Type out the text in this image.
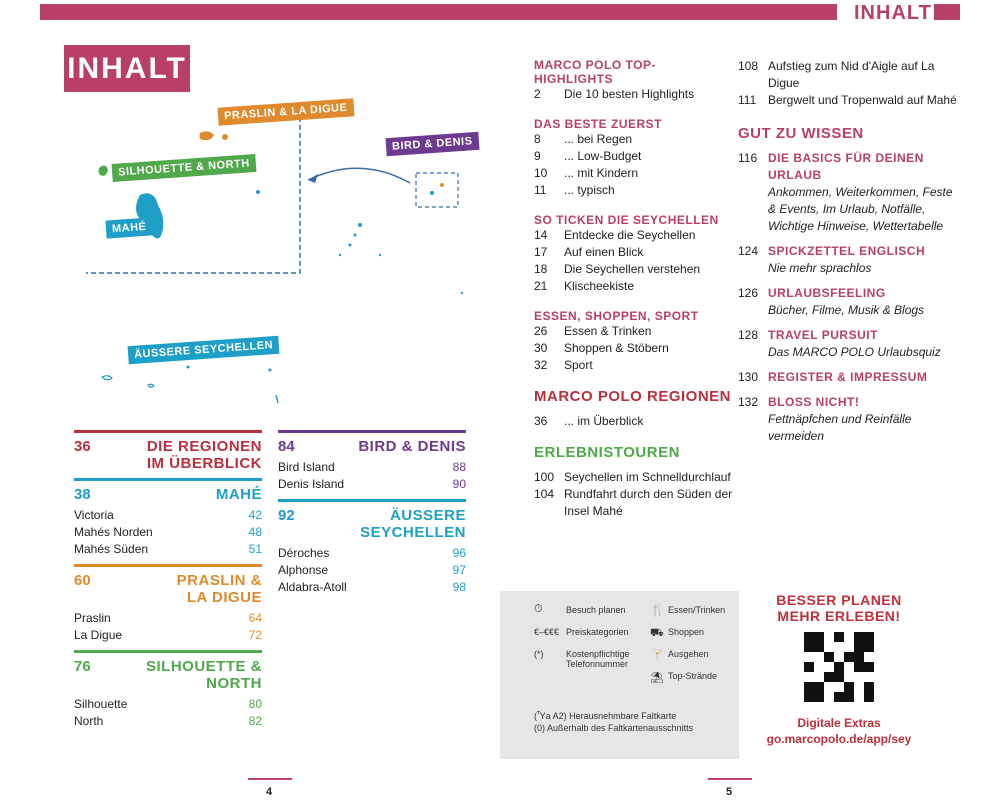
INHALT
INHALT
PRASLIN & LA DIGUE
SILHOUETTE & NORTH
MAHÉ
BIRD & DENIS
ÄUSSERE SEYCHELLEN
36	DIE REGIONEN
IM ÜBERBLICK
38	MAHÉ
Victoria	42
Mahés Norden	48
Mahés Süden	51
60	PRASLIN &
LA DIGUE
Praslin	64
La Digue	72
76	SILHOUETTE &
NORTH
Silhouette	80
North	82
84	BIRD & DENIS
Bird Island	88
Denis Island	90
92	ÄUSSERE
SEYCHELLEN
Déroches	96
Alphonse	97
Aldabra-Atoll	98
MARCO POLO TOP-HIGHLIGHTS
2	Die 10 besten Highlights
DAS BESTE ZUERST
8	... bei Regen
9	... Low-Budget
10	... mit Kindern
11	... typisch
SO TICKEN DIE SEYCHELLEN
14	Entdecke die Seychellen
17	Auf einen Blick
18	Die Seychellen verstehen
21	Klischeekiste
ESSEN, SHOPPEN, SPORT
26	Essen & Trinken
30	Shoppen & Stöbern
32	Sport
MARCO POLO REGIONEN
36	... im Überblick
ERLEBNISTOUREN
100 Seychellen im Schnelldurchlauf
104 Rundfahrt durch den Süden der Insel Mahé
108 Aufstieg zum Nid d'Aigle auf La Digue
111 Bergwelt und Tropenwald auf Mahé
GUT ZU WISSEN
116 DIE BASICS FÜR DEINEN URLAUB
Ankommen, Weiterkommen, Feste & Events, Im Urlaub, Notfälle, Wichtige Hinweise, Wettertabelle
124 SPICKZETTEL ENGLISCH
Nie mehr sprachlos
126 URLAUBSFEELING
Bücher, Filme, Musik & Blogs
128 TRAVEL PURSUIT
Das MARCO POLO Urlaubsquiz
130 REGISTER & IMPRESSUM
132 BLOSS NICHT!
Fettnäpfchen und Reinfälle vermeiden
⏱	Besuch planen
€–€€€ Preiskategorien
(*)	Kostenpflichtige
Telefonnummer
🍴 Essen/Trinken
⛟ Shoppen
🍸 Ausgehen
⛱ Top-Strände
(Ὗa A2) Herausnehmbare Faltkarte
(0) Außerhalb des Faltkartenausschnitts
BESSER PLANEN
MEHR ERLEBEN!
Digitale Extras
go.marcopolo.de/app/sey
4	5
